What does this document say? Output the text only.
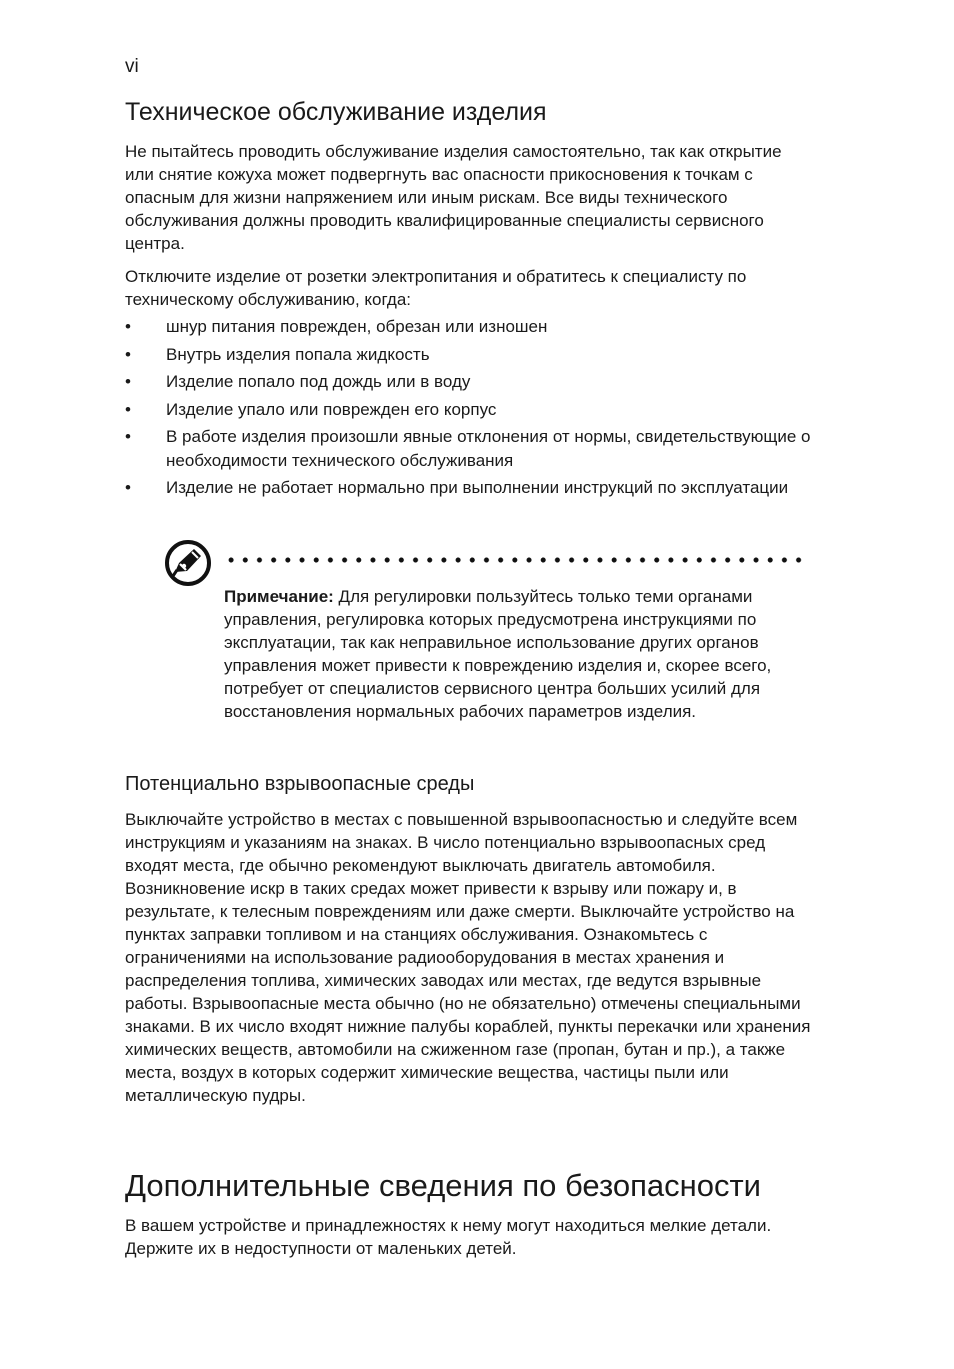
vi
Техническое обслуживание изделия

Не пытайтесь проводить обслуживание изделия самостоятельно, так как открытие или снятие кожуха может подвергнуть вас опасности прикосновения к точкам с опасным для жизни напряжением или иным рискам. Все виды технического обслуживания должны проводить квалифицированные специалисты сервисного центра.

Отключите изделие от розетки электропитания и обратитесь к специалисту по техническому обслуживанию, когда:

• шнур питания поврежден, обрезан или изношен
• Внутрь изделия попала жидкость
• Изделие попало под дождь или в воду
• Изделие упало или поврежден его корпус
• В работе изделия произошли явные отклонения от нормы, свидетельствующие о необходимости технического обслуживания
• Изделие не работает нормально при выполнении инструкций по эксплуатации

Примечание: Для регулировки пользуйтесь только теми органами управления, регулировка которых предусмотрена инструкциями по эксплуатации, так как неправильное использование других органов управления может привести к повреждению изделия и, скорее всего, потребует от специалистов сервисного центра больших усилий для восстановления нормальных рабочих параметров изделия.

Потенциально взрывоопасные среды

Выключайте устройство в местах с повышенной взрывоопасностью и следуйте всем инструкциям и указаниям на знаках. В число потенциально взрывоопасных сред входят места, где обычно рекомендуют выключать двигатель автомобиля. Возникновение искр в таких средах может привести к взрыву или пожару и, в результате, к телесным повреждениям или даже смерти. Выключайте устройство на пунктах заправки топливом и на станциях обслуживания. Ознакомьтесь с ограничениями на использование радиооборудования в местах хранения и распределения топлива, химических заводах или местах, где ведутся взрывные работы. Взрывоопасные места обычно (но не обязательно) отмечены специальными знаками. В их число входят нижние палубы кораблей, пункты перекачки или хранения химических веществ, автомобили на сжиженном газе (пропан, бутан и пр.), а также места, воздух в которых содержит химические вещества, частицы пыли или металлическую пудры.

Дополнительные сведения по безопасности

В вашем устройстве и принадлежностях к нему могут находиться мелкие детали. Держите их в недоступности от маленьких детей.
